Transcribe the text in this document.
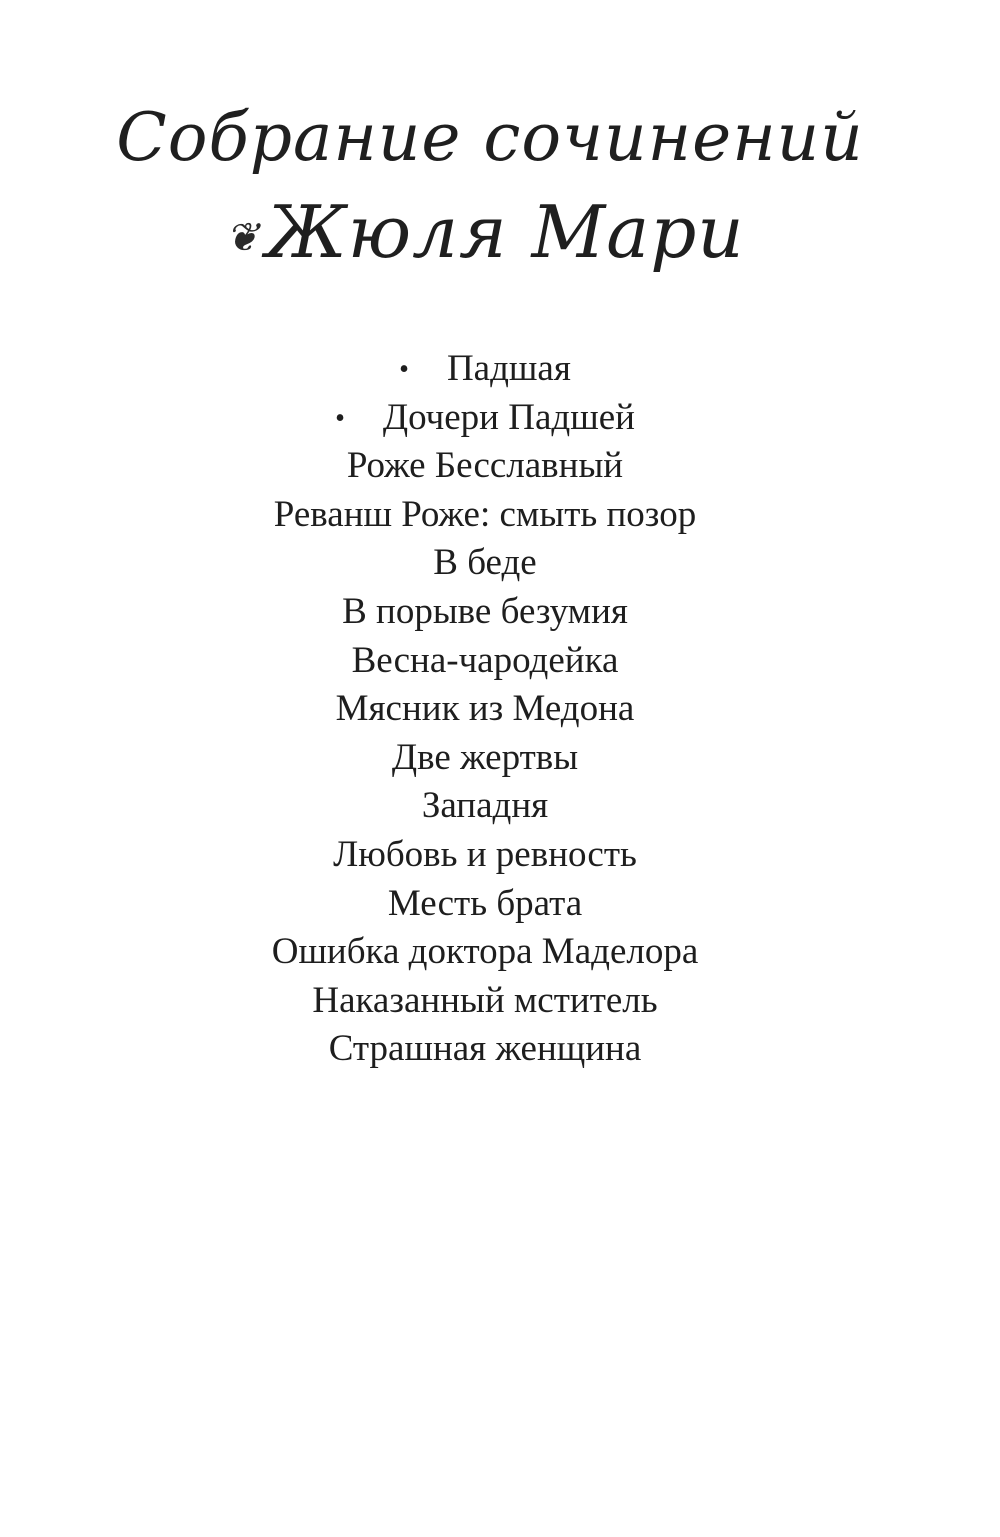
Собрание сочинений
❦Жюля Мари
• Падшая
• Дочери Падшей
Роже Бесславный
Реванш Роже: смыть позор
В беде
В порыве безумия
Весна-чародейка
Мясник из Медона
Две жертвы
Западня
Любовь и ревность
Месть брата
Ошибка доктора Маделора
Наказанный мститель
Страшная женщина
